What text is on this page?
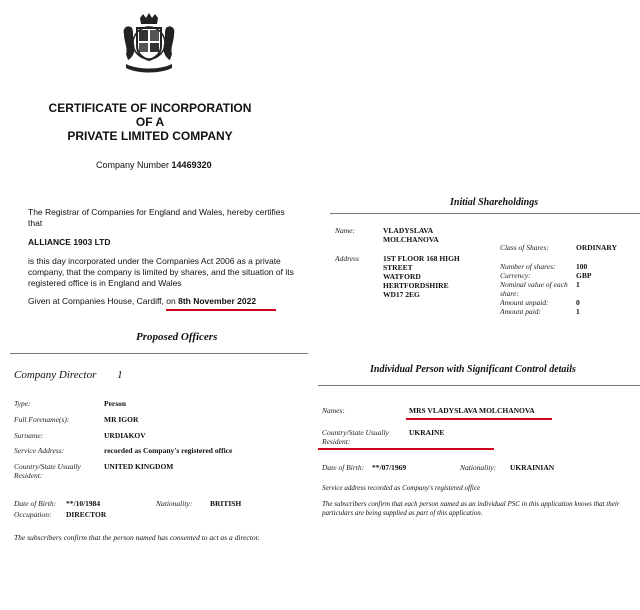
CERTIFICATE OF INCORPORATION
OF A
PRIVATE LIMITED COMPANY
Company Number 14469320
The Registrar of Companies for England and Wales, hereby certifies that
ALLIANCE 1903 LTD
is this day incorporated under the Companies Act 2006 as a private company, that the company is limited by shares, and the situation of its registered office is in England and Wales
Given at Companies House, Cardiff, on 8th November 2022
Initial Shareholdings
Name:	VLADYSLAVA
MOLCHANOVA
Class of Shares:	ORDINARY
Address	1ST FLOOR 168 HIGH
STREET
WATFORD
HERTFORDSHIRE
WD17 2EG
Number of shares:	100
Currency:	GBP
Nominal value of each share:
1
Amount unpaid:	0
Amount paid:	1
Proposed Officers
Company Director 1
Type:	Person
Full Forename(s):	MR IGOR
Surname:	URDIAKOV
Service Address:	recorded as Company's registered office
Country/State Usually Resident:
UNITED KINGDOM
Date of Birth: **/10/1984	Nationality: BRITISH
Occupation: DIRECTOR
The subscribers confirm that the person named has consented to act as a director.
Individual Person with Significant Control details
Names:	MRS VLADYSLAVA MOLCHANOVA
Country/State Usually Resident:
UKRAINE
Date of Birth: **/07/1969	Nationality: UKRAINIAN
Service address recorded as Company's registered office
The subscribers confirm that each person named as an individual PSC in this application knows that their particulars are being supplied as part of this application.
